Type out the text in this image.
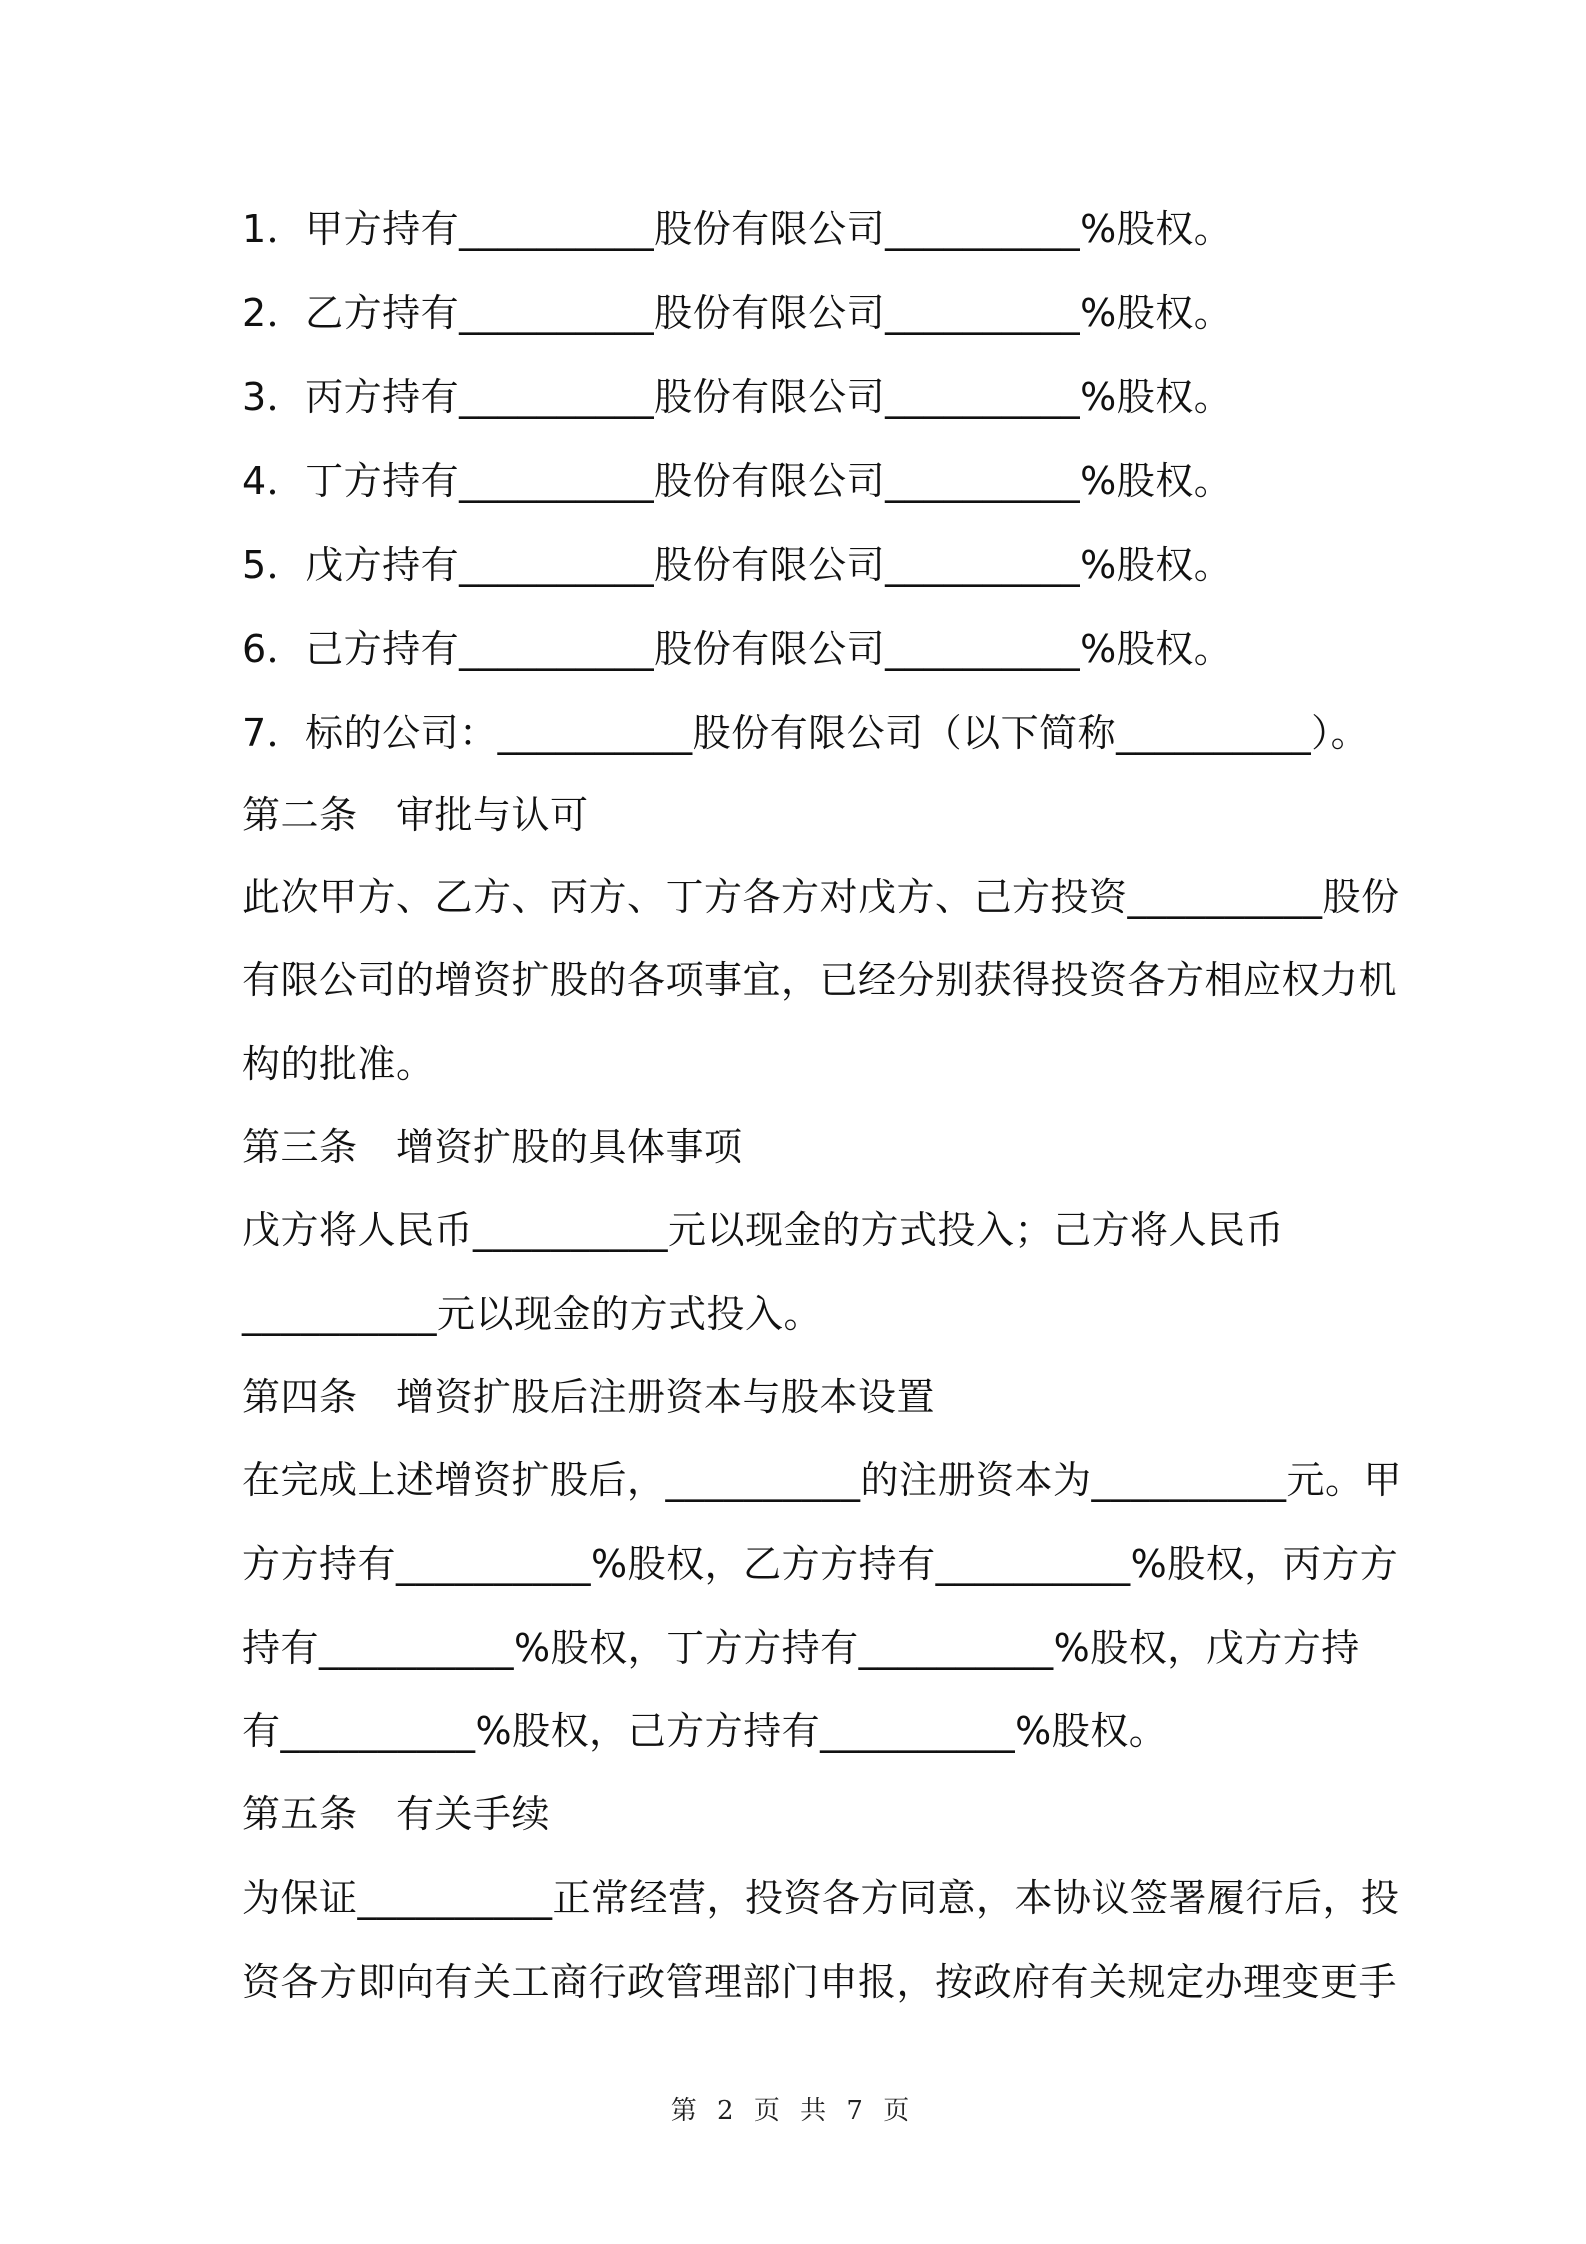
1．甲方持有__________股份有限公司__________%股权。
2．乙方持有__________股份有限公司__________%股权。
3．丙方持有__________股份有限公司__________%股权。
4．丁方持有__________股份有限公司__________%股权。
5．戊方持有__________股份有限公司__________%股权。
6．己方持有__________股份有限公司__________%股权。
7．标的公司：__________股份有限公司（以下简称__________）。
第二条　审批与认可
此次甲方、乙方、丙方、丁方各方对戊方、己方投资__________股份
有限公司的增资扩股的各项事宜，已经分别获得投资各方相应权力机
构的批准。
第三条　增资扩股的具体事项
戊方将人民币__________元以现金的方式投入；己方将人民币
__________元以现金的方式投入。
第四条　增资扩股后注册资本与股本设置
在完成上述增资扩股后，__________的注册资本为__________元。甲
方方持有__________%股权，乙方方持有__________%股权，丙方方
持有__________%股权，丁方方持有__________%股权，戊方方持
有__________%股权，己方方持有__________%股权。
第五条　有关手续
为保证__________正常经营，投资各方同意，本协议签署履行后，投
资各方即向有关工商行政管理部门申报，按政府有关规定办理变更手
第 2 页 共 7 页
